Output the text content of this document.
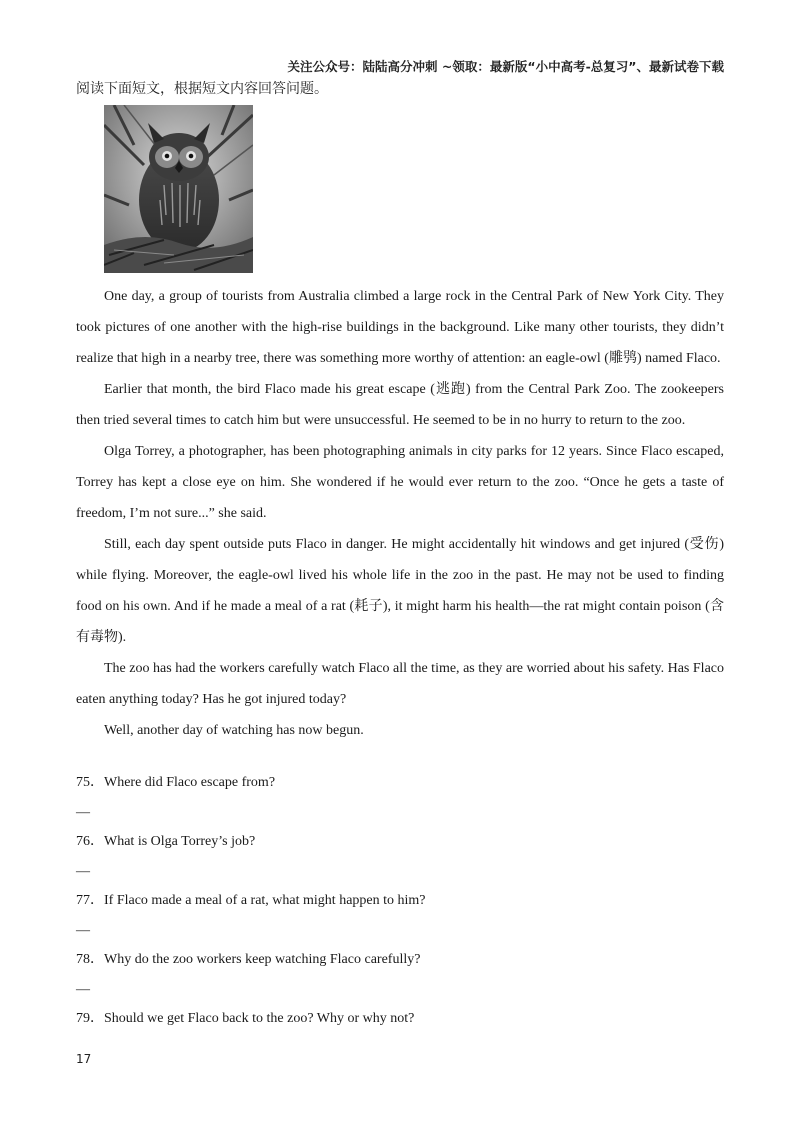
关注公众号：陆陆高分冲刺 ~领取：最新版“小中高考-总复习”、最新试卷下载
阅读下面短文，根据短文内容回答问题。

One day, a group of tourists from Australia climbed a large rock in the Central Park of New York City. They took pictures of one another with the high-rise buildings in the background. Like many other tourists, they didn’t realize that high in a nearby tree, there was something more worthy of attention: an eagle-owl (雕鸮) named Flaco.

Earlier that month, the bird Flaco made his great escape (逃跑) from the Central Park Zoo. The zookeepers then tried several times to catch him but were unsuccessful. He seemed to be in no hurry to return to the zoo.

Olga Torrey, a photographer, has been photographing animals in city parks for 12 years. Since Flaco escaped, Torrey has kept a close eye on him. She wondered if he would ever return to the zoo. “Once he gets a taste of freedom, I’m not sure...” she said.

Still, each day spent outside puts Flaco in danger. He might accidentally hit windows and get injured (受伤) while flying. Moreover, the eagle-owl lived his whole life in the zoo in the past. He may not be used to finding food on his own. And if he made a meal of a rat (耗子), it might harm his health—the rat might contain poison (含有毒物).

The zoo has had the workers carefully watch Flaco all the time, as they are worried about his safety. Has Flaco eaten anything today? Has he got injured today?

Well, another day of watching has now begun.

75．Where did Flaco escape from?
—
76．What is Olga Torrey’s job?
—
77．If Flaco made a meal of a rat, what might happen to him?
—
78．Why do the zoo workers keep watching Flaco carefully?
—
79．Should we get Flaco back to the zoo? Why or why not?
17
